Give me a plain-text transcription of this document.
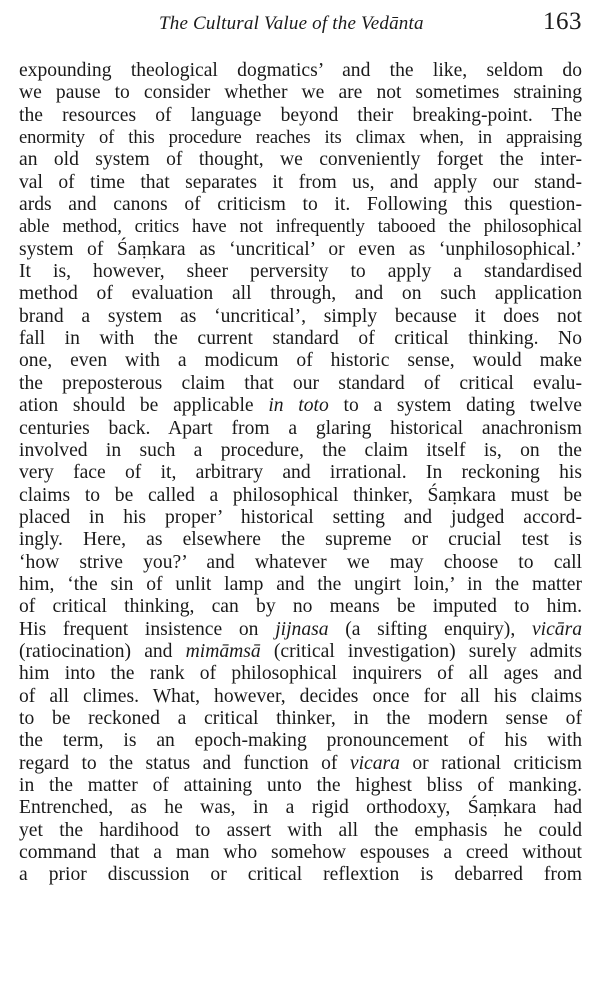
The Cultural Value of the Vedānta	163
expounding theological dogmatics’ and the like, seldom do
we pause to consider whether we are not sometimes straining
the resources of language beyond their breaking-point. The
enormity of this procedure reaches its climax when, in appraising
an old system of thought, we conveniently forget the inter-
val of time that separates it from us, and apply our stand-
ards and canons of criticism to it. Following this question-
able method, critics have not infrequently tabooed the philosophical
system of Śaṃkara as ‘uncritical’ or even as ‘unphilosophical.’
It is, however, sheer perversity to apply a standardised
method of evaluation all through, and on such application
brand a system as ‘uncritical’, simply because it does not
fall in with the current standard of critical thinking. No
one, even with a modicum of historic sense, would make
the preposterous claim that our standard of critical evalu-
ation should be applicable in toto to a system dating twelve
centuries back. Apart from a glaring historical anachronism
involved in such a procedure, the claim itself is, on the
very face of it, arbitrary and irrational. In reckoning his
claims to be called a philosophical thinker, Śaṃkara must be
placed in his proper’ historical setting and judged accord-
ingly. Here, as elsewhere the supreme or crucial test is
‘how strive you?’ and whatever we may choose to call
him, ‘the sin of unlit lamp and the ungirt loin,’ in the matter
of critical thinking, can by no means be imputed to him.
His frequent insistence on jijnasa (a sifting enquiry), vicāra
(ratiocination) and mimāmsā (critical investigation) surely admits
him into the rank of philosophical inquirers of all ages and
of all climes. What, however, decides once for all his claims
to be reckoned a critical thinker, in the modern sense of
the term, is an epoch-making pronouncement of his with
regard to the status and function of vicara or rational criticism
in the matter of attaining unto the highest bliss of manking.
Entrenched, as he was, in a rigid orthodoxy, Śaṃkara had
yet the hardihood to assert with all the emphasis he could
command that a man who somehow espouses a creed without
a prior discussion or critical reflextion is debarred from
